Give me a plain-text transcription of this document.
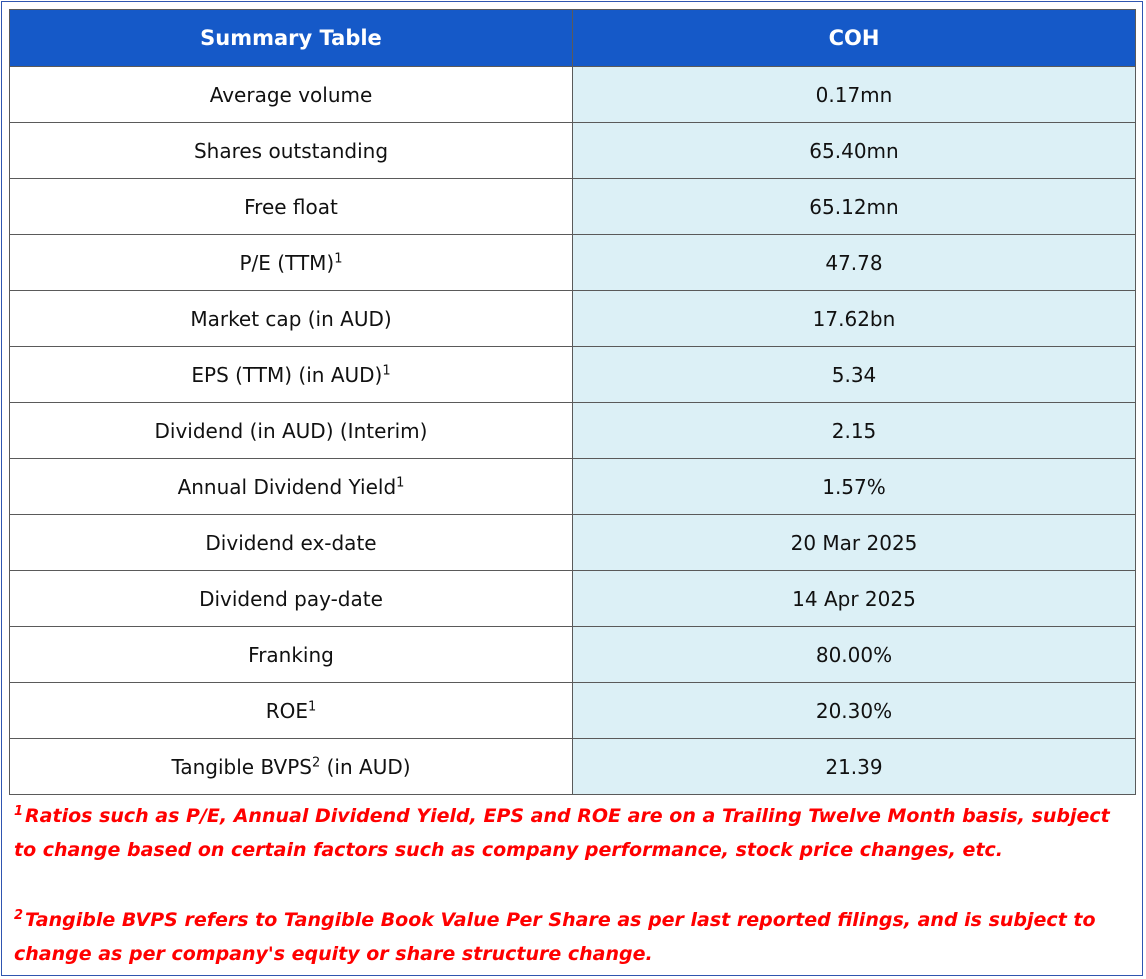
Summary Table	COH
Average volume	0.17mn
Shares outstanding	65.40mn
Free float	65.12mn
P/E (TTM)$^1$	47.78
Market cap (in AUD)	17.62bn
EPS (TTM) (in AUD)$^1$	5.34
Dividend (in AUD) (Interim)	2.15
Annual Dividend Yield$^1$	1.57%
Dividend ex-date	20 Mar 2025
Dividend pay-date	14 Apr 2025
Franking	80.00%
ROE$^1$	20.30%
Tangible BVPS$^2$ (in AUD)	21.39
$^1$ Ratios such as P/E, Annual Dividend Yield, EPS and ROE are on a Trailing Twelve Month basis, subject to change based on certain factors such as company performance, stock price changes, etc.
$^2$ Tangible BVPS refers to Tangible Book Value Per Share as per last reported filings, and is subject to change as per company's equity or share structure change.
